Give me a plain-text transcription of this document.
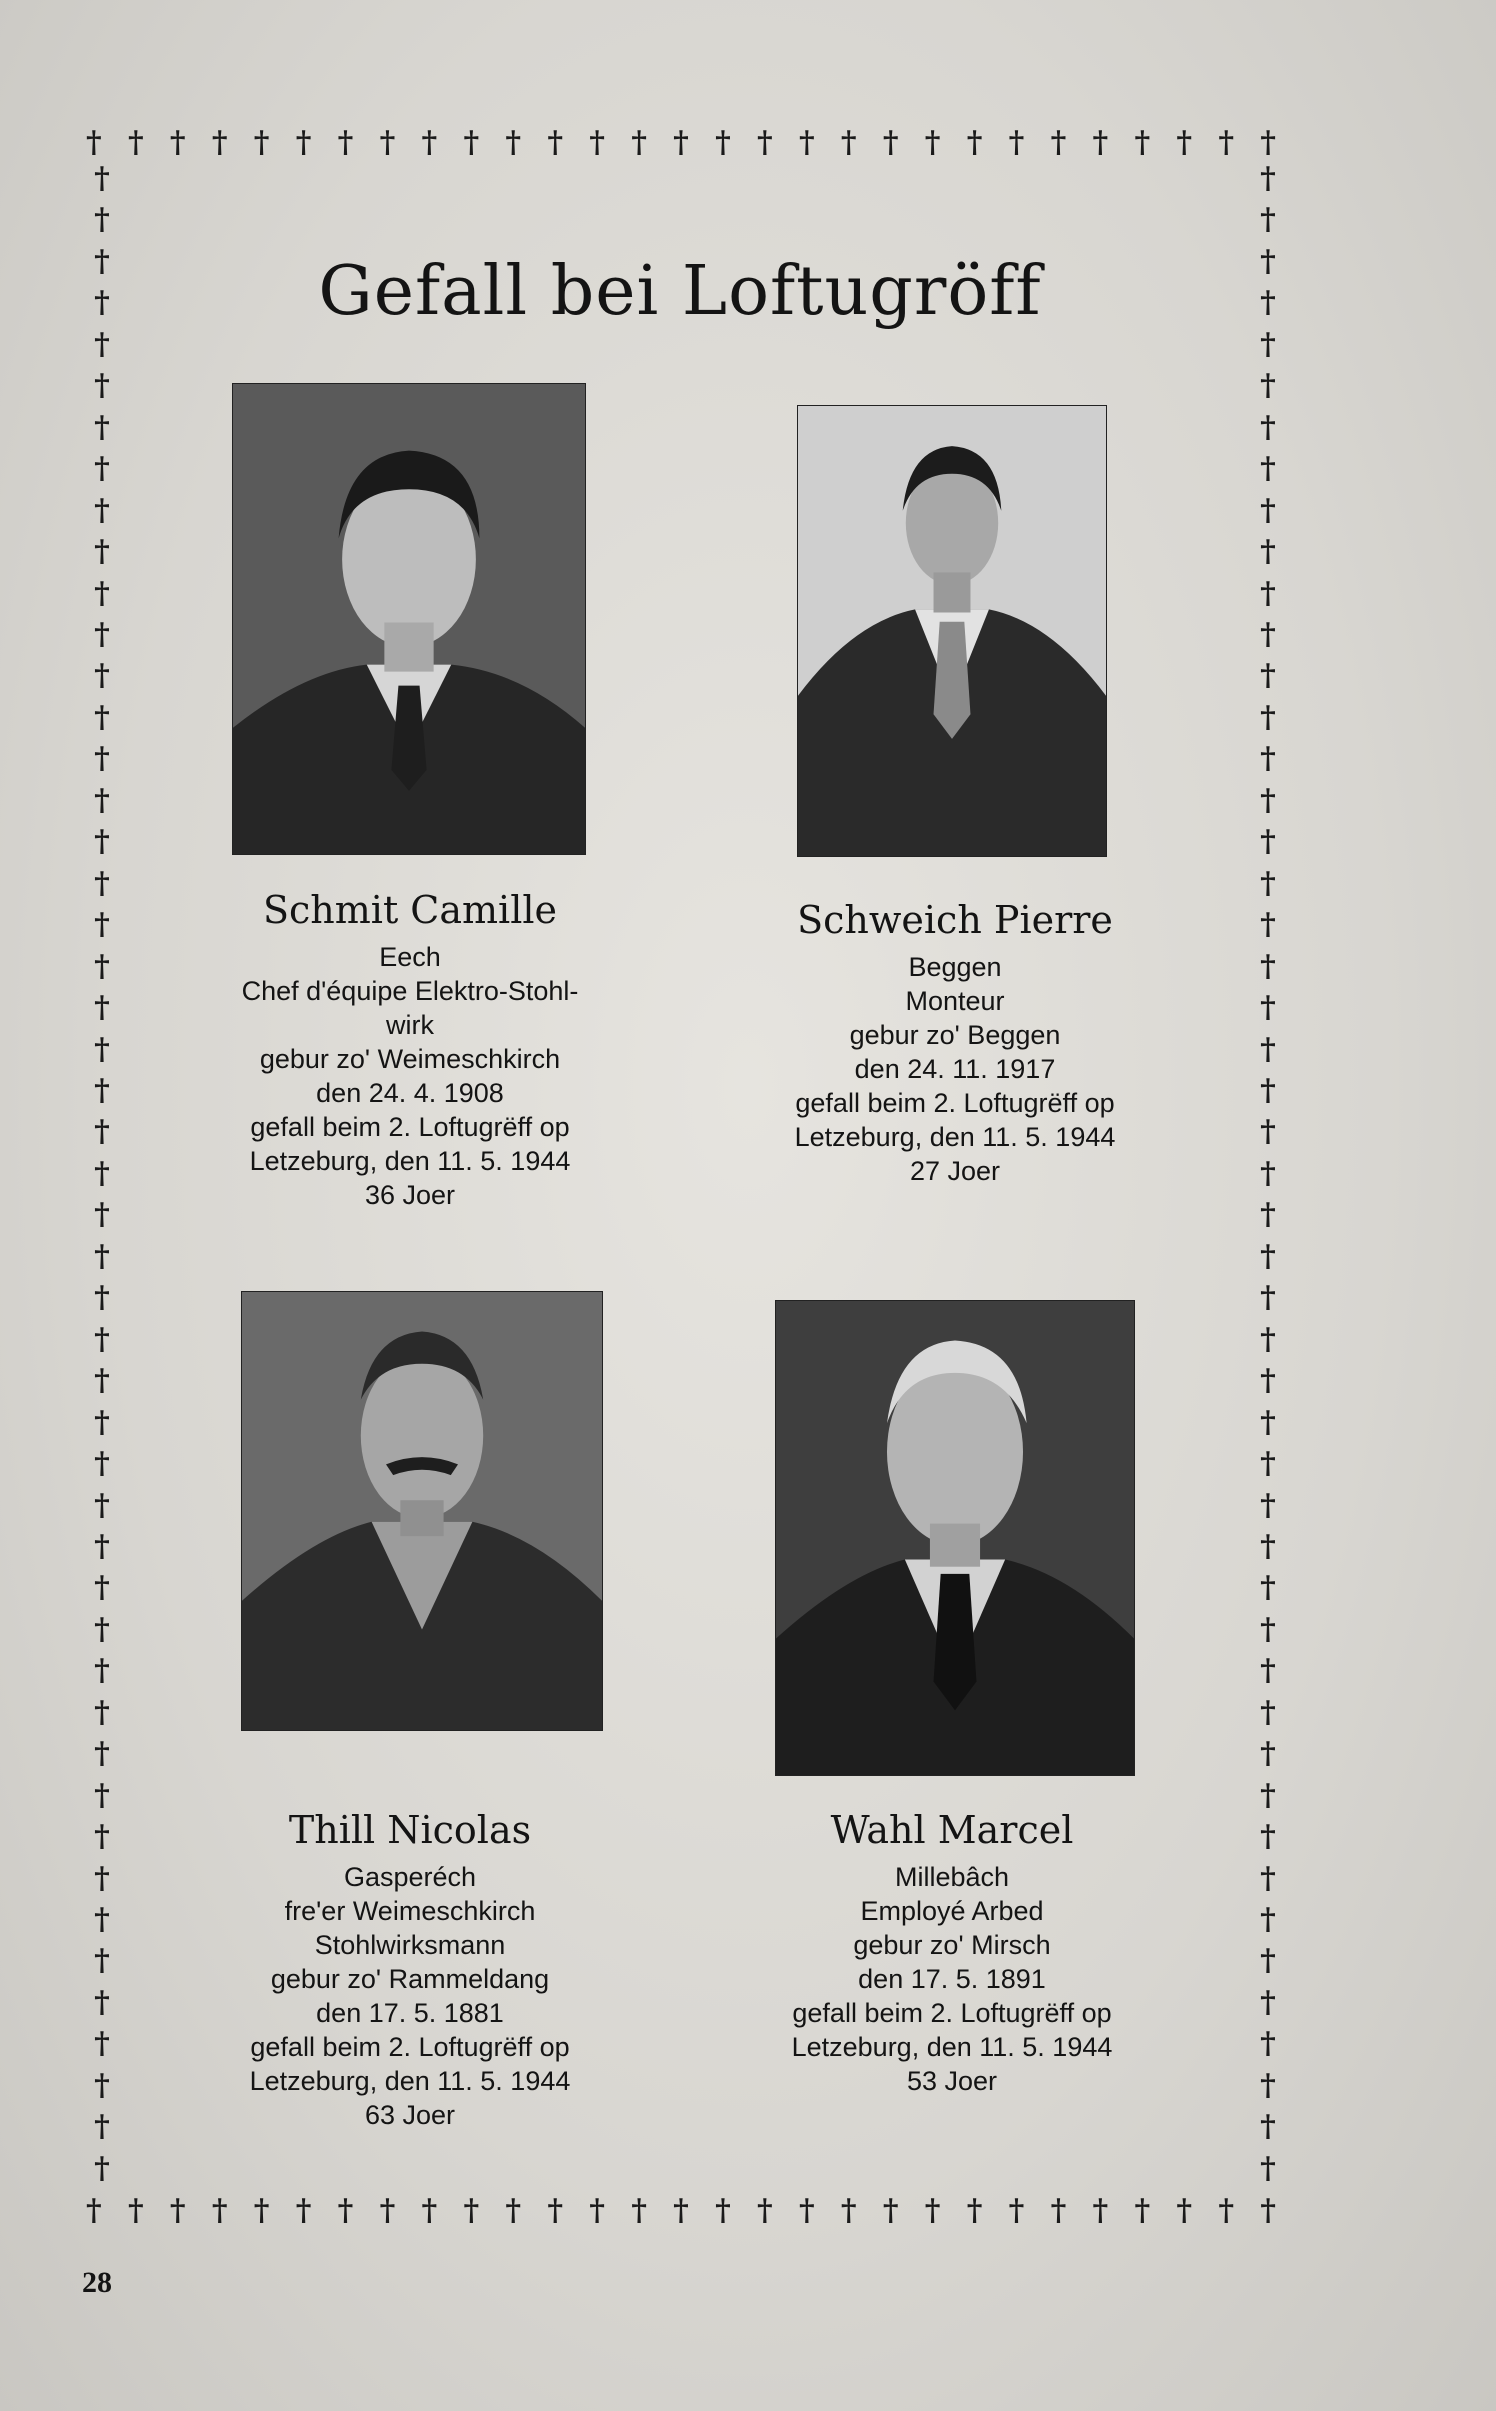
† † † † † † † † † † † † † † † † † † † † † † † † † † † † †
† † † † † † † † † † † † † † † † † † † † † † † † † † † † †
†
†
†
†
†
†
†
†
†
†
†
†
†
†
†
†
†
†
†
†
†
†
†
†
†
†
†
†
†
†
†
†
†
†
†
†
†
†
†
†
†
†
†
†
†
†
†
†
†
†
†
†
†
†
†
†
†
†
†
†
†
†
†
†
†
†
†
†
†
†
†
†
†
†
†
†
†
†
†
†
†
†
†
†
†
†
†
†
†
†
†
†
†
†
†
†
†
†
Gefall bei Loftugröff
Schmit Camille
Eech
Chef d'équipe Elektro-Stohl-
wirk
gebur zo' Weimeschkirch
den 24. 4. 1908
gefall beim 2. Loftugrëff op
Letzeburg, den 11. 5. 1944
36 Joer
Schweich Pierre
Beggen
Monteur
gebur zo' Beggen
den 24. 11. 1917
gefall beim 2. Loftugrëff op
Letzeburg, den 11. 5. 1944
27 Joer
Thill Nicolas
Gasperéch
fre'er Weimeschkirch
Stohlwirksmann
gebur zo' Rammeldang
den 17. 5. 1881
gefall beim 2. Loftugrëff op
Letzeburg, den 11. 5. 1944
63 Joer
Wahl Marcel
Millebâch
Employé Arbed
gebur zo' Mirsch
den 17. 5. 1891
gefall beim 2. Loftugrëff op
Letzeburg, den 11. 5. 1944
53 Joer
28
